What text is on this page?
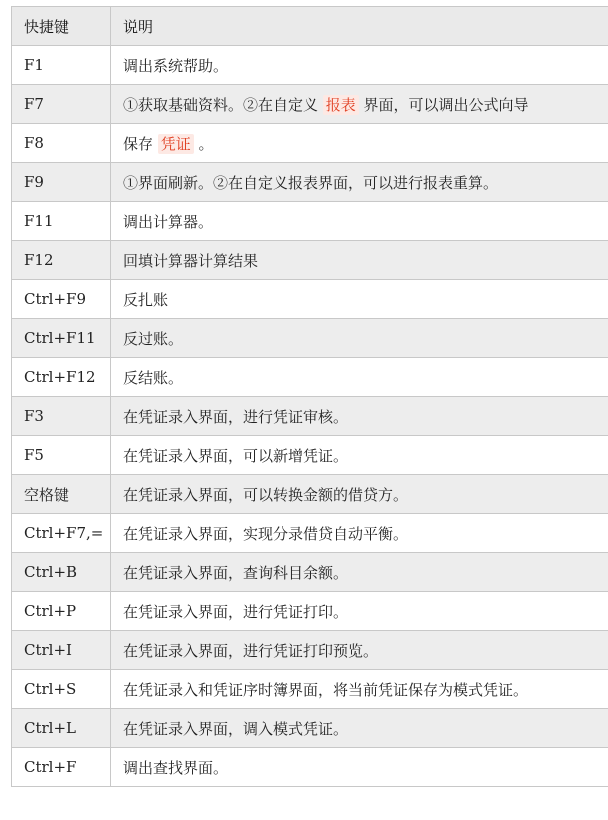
快捷键	说明
F1	调出系统帮助。
F7	①获取基础资料。②在自定义 报表 界面，可以调出公式向导
F8	保存 凭证 。
F9	①界面刷新。②在自定义报表界面，可以进行报表重算。
F11	调出计算器。
F12	回填计算器计算结果
Ctrl+F9	反扎账
Ctrl+F11	反过账。
Ctrl+F12	反结账。
F3	在凭证录入界面，进行凭证审核。
F5	在凭证录入界面，可以新增凭证。
空格键	在凭证录入界面，可以转换金额的借贷方。
Ctrl+F7,=	在凭证录入界面，实现分录借贷自动平衡。
Ctrl+B	在凭证录入界面，查询科目余额。
Ctrl+P	在凭证录入界面，进行凭证打印。
Ctrl+I	在凭证录入界面，进行凭证打印预览。
Ctrl+S	在凭证录入和凭证序时簿界面，将当前凭证保存为模式凭证。
Ctrl+L	在凭证录入界面，调入模式凭证。
Ctrl+F	调出查找界面。
